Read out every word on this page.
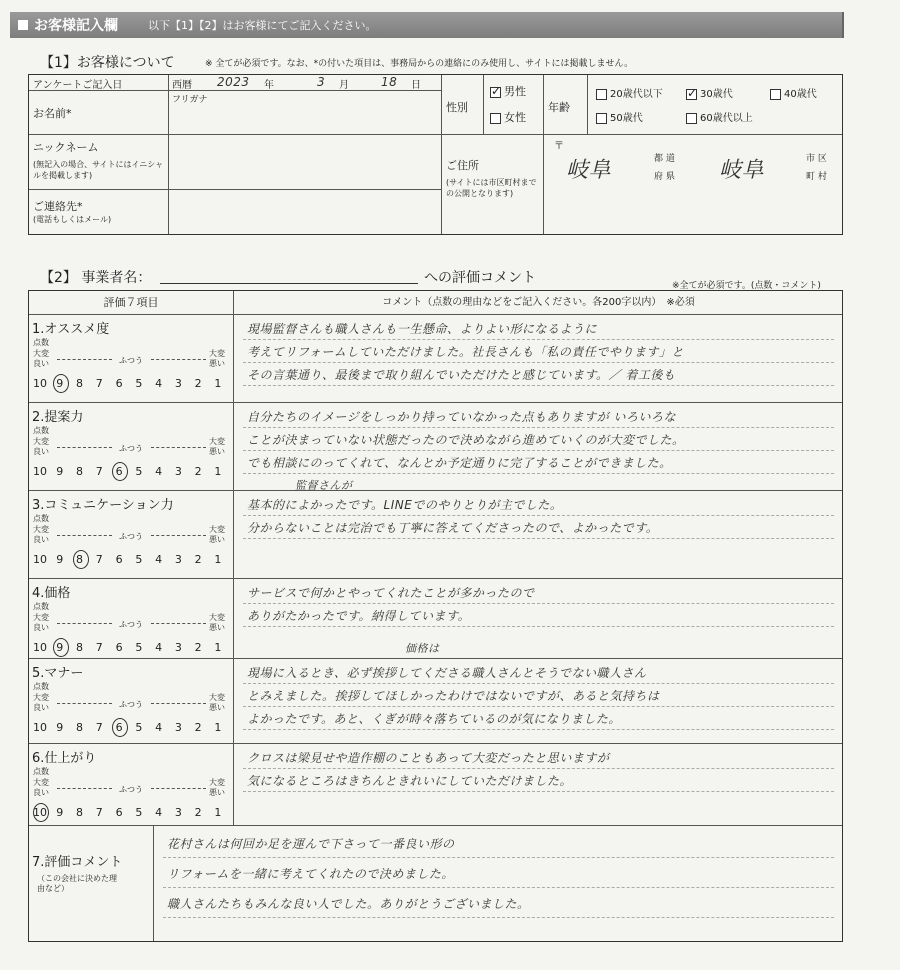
お客様記入欄	以下【1】【2】はお客様にてご記入ください。
【1】お客様について	※ 全てが必須です。なお、*の付いた項目は、事務局からの連絡にのみ使用し、サイトには掲載しません。
アンケートご記入日	西暦 2023 年	3 月	18 日
お名前*
フリガナ
ニックネーム
(無記入の場合、サイトにはイニシャルを掲載します)
ご連絡先*
(電話もしくはメール)
性別
✓男性
女性
年齢
20歳代以下
✓	30歳代	40歳代
50歳代	60歳代以上
ご住所
(サイトには市区町村までの公開となります)
〒
岐阜	都 道
府 県 岐阜	市 区
町 村
【2】 事業者名：	への評価コメント	※全てが必須です。(点数・コメント)
評価７項目	コメント（点数の理由などをご記入ください。各200字以内）　※必須
1.オススメ度
点数
大変
良い
大変
悪い
ふつう
10 9	8	7	6	5	4	3	2	1
現場監督さんも職人さんも一生懸命、よりよい形になるように
考えてリフォームしていただけました。社長さんも「私の責任でやります」と
その言葉通り、最後まで取り組んでいただけたと感じています。／ 着工後も
2.提案力
点数
大変
良い
大変
悪い
ふつう
10 9	8	7	6	5	4	3	2	1
自分たちのイメージをしっかり持っていなかった点もありますが いろいろな
ことが決まっていない状態だったので決めながら進めていくのが大変でした。
でも相談にのってくれて、なんとか予定通りに完了することができました。
監督さんが
3.コミュニケーション力
点数
大変
良い
大変
悪い
ふつう
10 9	8	7	6	5	4	3	2	1
基本的によかったです。LINEでのやりとりが主でした。
分からないことは完治でも丁寧に答えてくださったので、よかったです。
4.価格
点数
大変
良い
大変
悪い
ふつう
10 9	8	7	6	5	4	3	2	1
サービスで何かとやってくれたことが多かったので
ありがたかったです。納得しています。
価格は
5.マナー
点数
大変
良い
大変
悪い
ふつう
10 9	8	7	6	5	4	3	2	1
現場に入るとき、必ず挨拶してくださる職人さんとそうでない職人さん
とみえました。挨拶してほしかったわけではないですが、あると気持ちは
よかったです。あと、くぎが時々落ちているのが気になりました。
6.仕上がり
点数
大変
良い
大変
悪い
ふつう
10 9	8	7	6	5	4	3	2	1
クロスは梁見せや造作棚のこともあって大変だったと思いますが
気になるところはきちんときれいにしていただけました。
7.評価コメント
（この会社に決めた理由など）
花村さんは何回か足を運んで下さって一番良い形の
リフォームを一緒に考えてくれたので決めました。
職人さんたちもみんな良い人でした。ありがとうございました。
